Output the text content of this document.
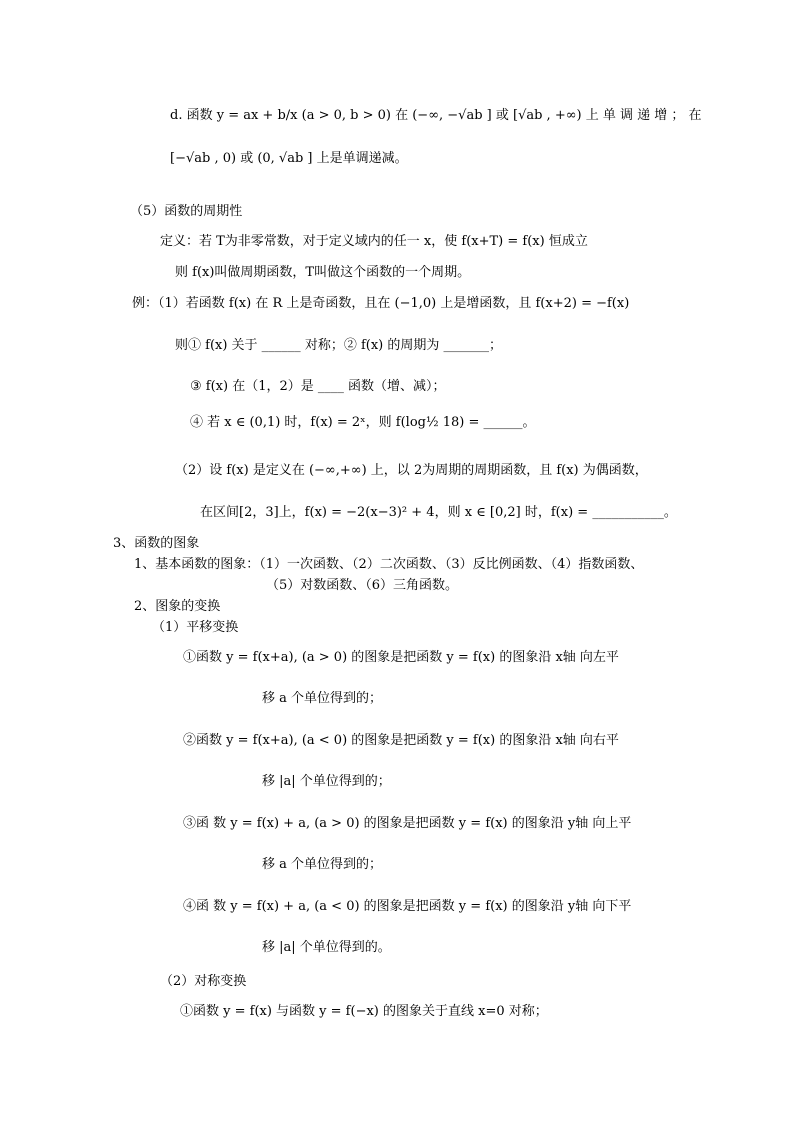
d. 函数 y = ax + b/x (a > 0, b > 0) 在 (−∞, −√ab ] 或 [√ab , +∞) 上 单 调 递 增 ； 在
[−√ab , 0) 或 (0, √ab ] 上是单调递减。
（5）函数的周期性
定义：若 T为非零常数，对于定义域内的任一 x，使 f(x+T) = f(x) 恒成立
则 f(x)叫做周期函数，T叫做这个函数的一个周期。
例：（1）若函数 f(x) 在 R 上是奇函数，且在 (−1,0) 上是增函数，且 f(x+2) = −f(x)
则① f(x) 关于 ______ 对称；② f(x) 的周期为 _______；
③ f(x) 在（1，2）是 ____ 函数（增、减）；
④ 若 x ∈ (0,1) 时，f(x) = 2ˣ，则 f(log½ 18) = ______。
（2）设 f(x) 是定义在 (−∞,+∞) 上，以 2为周期的周期函数，且 f(x) 为偶函数，
在区间[2，3]上，f(x) = −2(x−3)² + 4，则 x ∈ [0,2] 时，f(x) = ___________。
3、函数的图象
1、基本函数的图象：（1）一次函数、（2）二次函数、（3）反比例函数、（4）指数函数、
（5）对数函数、（6）三角函数。
2、图象的变换
（1）平移变换
①函数 y = f(x+a), (a > 0) 的图象是把函数 y = f(x) 的图象沿 x轴 向左平
移 a 个单位得到的；
②函数 y = f(x+a), (a < 0) 的图象是把函数 y = f(x) 的图象沿 x轴 向右平
移 |a| 个单位得到的；
③函 数 y = f(x) + a, (a > 0) 的图象是把函数 y = f(x) 的图象沿 y轴 向上平
移 a 个单位得到的；
④函 数 y = f(x) + a, (a < 0) 的图象是把函数 y = f(x) 的图象沿 y轴 向下平
移 |a| 个单位得到的。
（2）对称变换
①函数 y = f(x) 与函数 y = f(−x) 的图象关于直线 x=0 对称；
